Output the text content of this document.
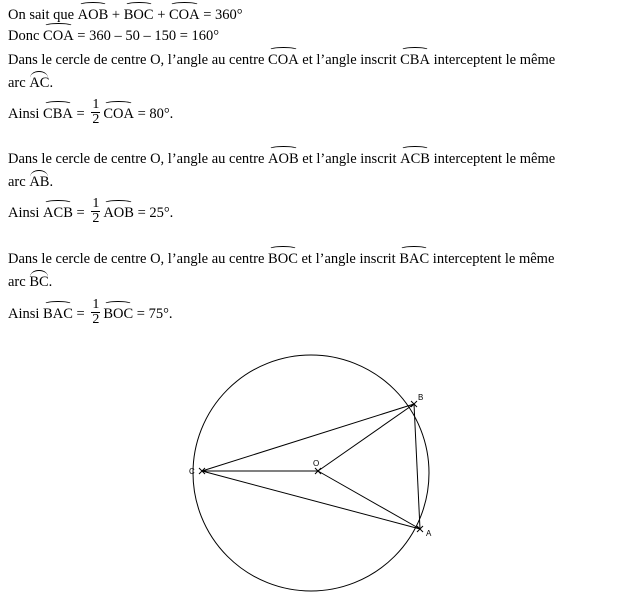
On sait que AOB + BOC + COA = 360°
Donc COA = 360 – 50 – 150 = 160°
Dans le cercle de centre O, l’angle au centre COA et l’angle inscrit CBA interceptent le même
arc AC.
Ainsi CBA = $\frac{1}{2}$ COA = 80°.
Dans le cercle de centre O, l’angle au centre AOB et l’angle inscrit ACB interceptent le même
arc AB.
Ainsi ACB = $\frac{1}{2}$ AOB = 25°.
Dans le cercle de centre O, l’angle au centre BOC et l’angle inscrit BAC interceptent le même
arc BC.
Ainsi BAC = $\frac{1}{2}$ BOC = 75°.
C
O
B
A
